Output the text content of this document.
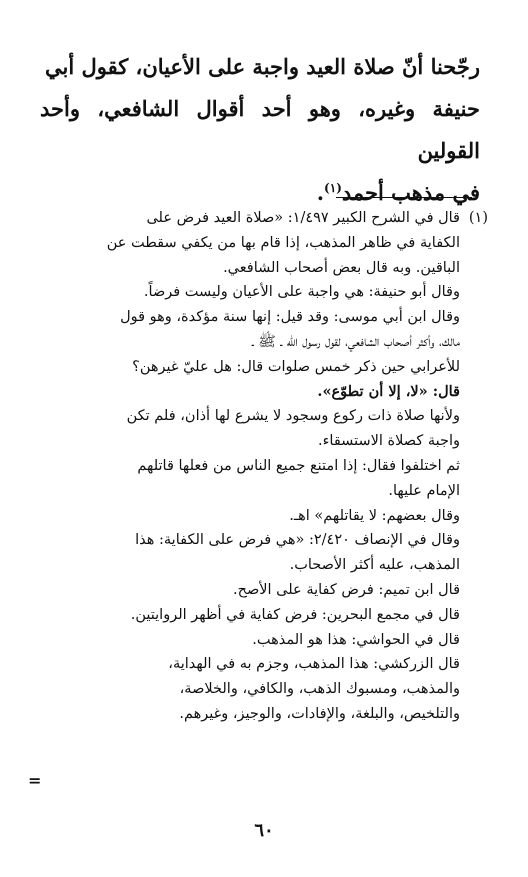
رجّحنا أنّ صلاة العيد واجبة على الأعيان، كقول أبي
حنيفة وغيره، وهو أحد أقوال الشافعي، وأحد القولين
في مذهب أحمد$^{(١)}$.

(١)
قال في الشرح الكبير ١/٤٩٧: «صلاة العيد فرض على
الكفاية في ظاهر المذهب، إذا قام بها من يكفي سقطت عن
الباقين. وبه قال بعض أصحاب الشافعي.
وقال أبو حنيفة: هي واجبة على الأعيان وليست فرضاً.
وقال ابن أبي موسى: وقد قيل: إنها سنة مؤكدة، وهو قول
مالك، وأكثر أصحاب الشافعي، لقول رسول الله ـ ﷺ ـ
للأعرابي حين ذكر خمس صلوات قال: هل عليّ غيرهن؟
قال: «لا، إلا أن تطوّع».
ولأنها صلاة ذات ركوع وسجود لا يشرع لها أذان، فلم تكن
واجبة كصلاة الاستسقاء.
ثم اختلفوا فقال: إذا امتنع جميع الناس من فعلها قاتلهم
الإمام عليها.
وقال بعضهم: لا يقاتلهم» اهـ.
وقال في الإنصاف ٢/٤٢٠: «هي فرض على الكفاية: هذا
المذهب، عليه أكثر الأصحاب.
قال ابن تميم: فرض كفاية على الأصح.
قال في مجمع البحرين: فرض كفاية في أظهر الروايتين.
قال في الحواشي: هذا هو المذهب.
قال الزركشي: هذا المذهب، وجزم به في الهداية،
والمذهب، ومسبوك الذهب، والكافي، والخلاصة،
والتلخيص، والبلغة، والإفادات، والوجيز، وغيرهم.
=
٦٠
